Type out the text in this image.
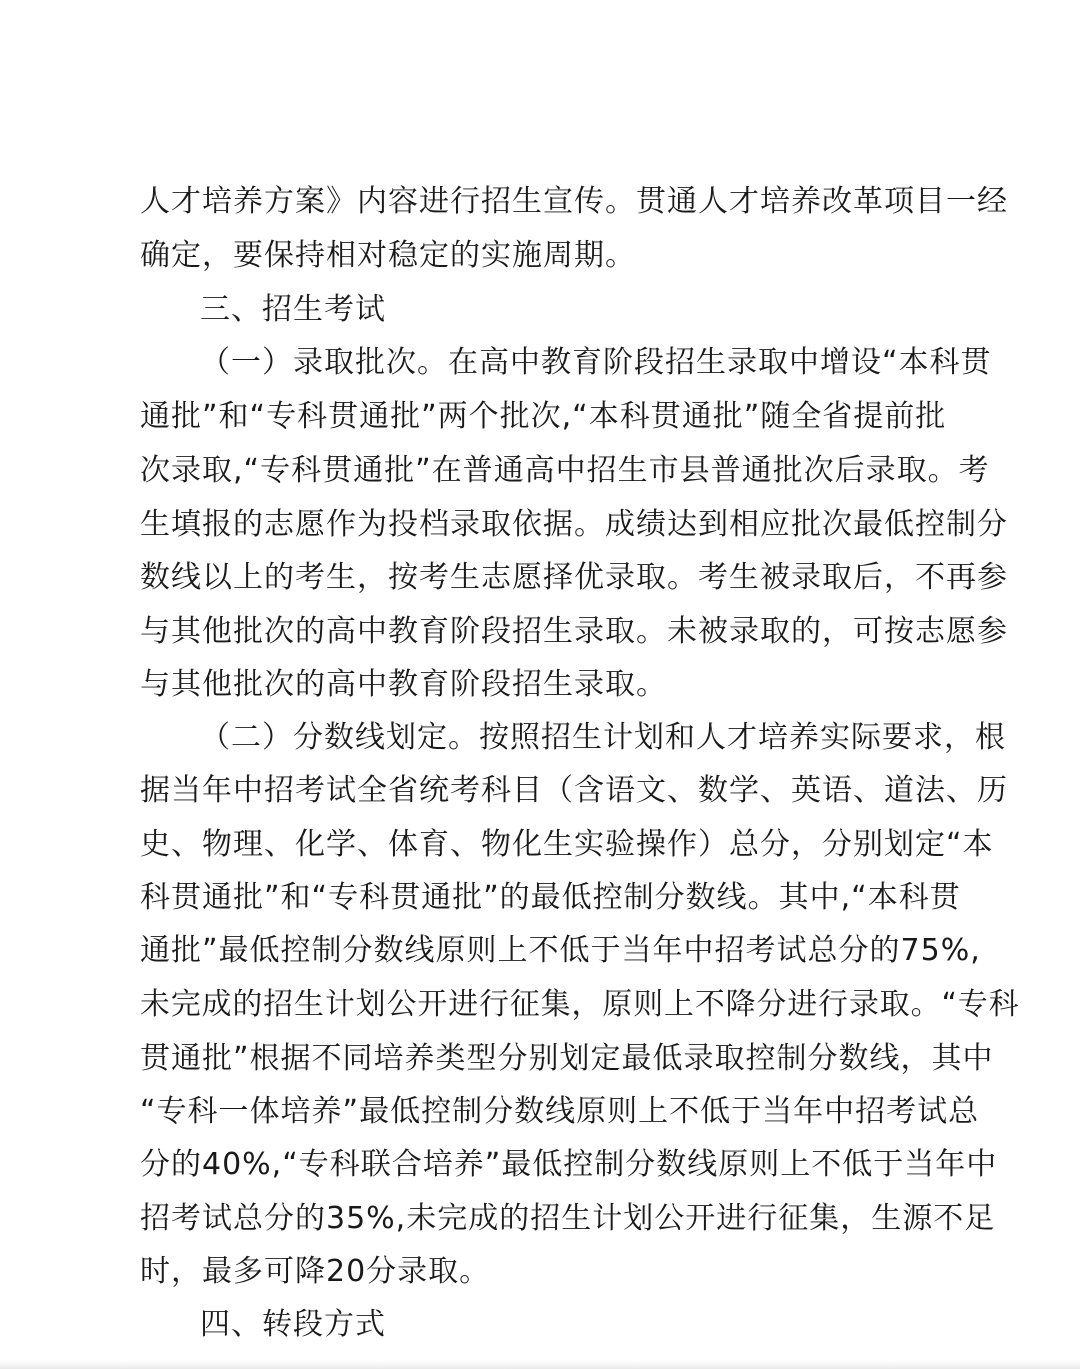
人才培养方案》内容进行招生宣传。贯通人才培养改革项目一经

确定，要保持相对稳定的实施周期。

三、招生考试

（一）录取批次。在高中教育阶段招生录取中增设“本科贯

通批”和“专科贯通批”两个批次,“本科贯通批”随全省提前批

次录取,“专科贯通批”在普通高中招生市县普通批次后录取。考

生填报的志愿作为投档录取依据。成绩达到相应批次最低控制分

数线以上的考生，按考生志愿择优录取。考生被录取后，不再参

与其他批次的高中教育阶段招生录取。未被录取的，可按志愿参

与其他批次的高中教育阶段招生录取。

（二）分数线划定。按照招生计划和人才培养实际要求，根

据当年中招考试全省统考科目（含语文、数学、英语、道法、历

史、物理、化学、体育、物化生实验操作）总分，分别划定“本

科贯通批”和“专科贯通批”的最低控制分数线。其中,“本科贯

通批”最低控制分数线原则上不低于当年中招考试总分的75%,

未完成的招生计划公开进行征集，原则上不降分进行录取。“专科

贯通批”根据不同培养类型分别划定最低录取控制分数线，其中

“专科一体培养”最低控制分数线原则上不低于当年中招考试总

分的40%,“专科联合培养”最低控制分数线原则上不低于当年中

招考试总分的35%,未完成的招生计划公开进行征集，生源不足

时，最多可降20分录取。

四、转段方式
